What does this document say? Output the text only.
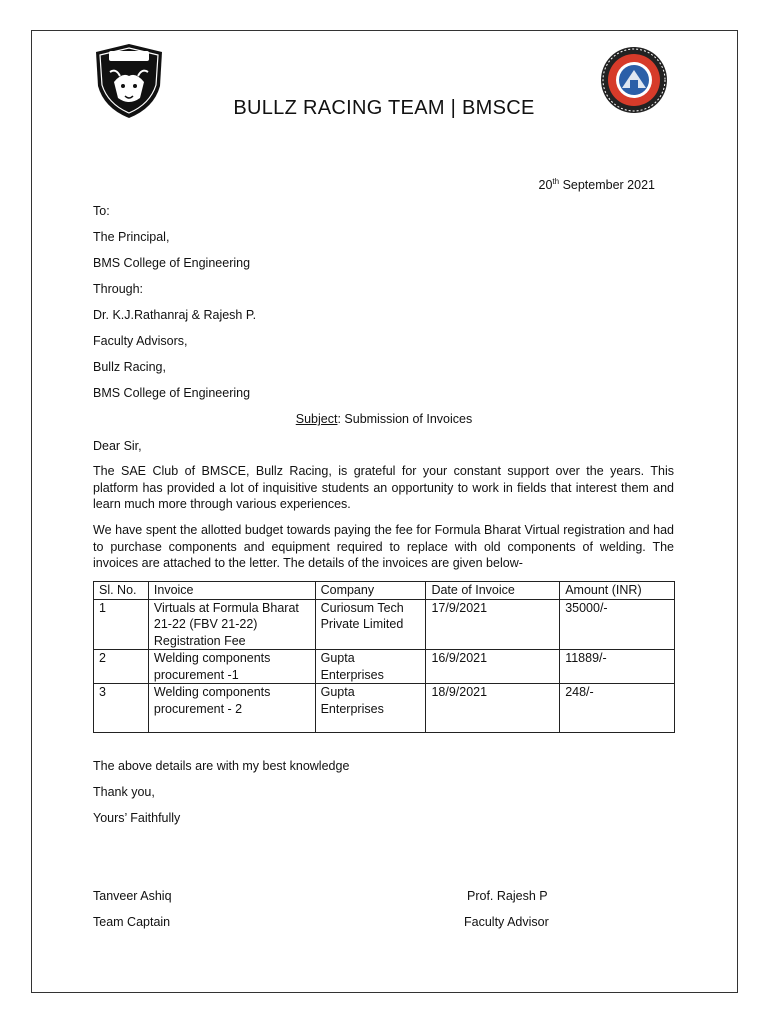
BULLZ RACING TEAM | BMSCE
20th September 2021
To:
The Principal,
BMS College of Engineering
Through:
Dr. K.J.Rathanraj & Rajesh P.
Faculty Advisors,
Bullz Racing,
BMS College of Engineering
Subject: Submission of Invoices
Dear Sir,
The SAE Club of BMSCE, Bullz Racing, is grateful for your constant support over the years. This platform has provided a lot of inquisitive students an opportunity to work in fields that interest them and learn much more through various experiences.
We have spent the allotted budget towards paying the fee for Formula Bharat Virtual registration and had to purchase components and equipment required to replace with old components of welding. The invoices are attached to the letter. The details of the invoices are given below-
Sl. No.	Invoice	Company	Date of Invoice	Amount (INR)
1	Virtuals at Formula Bharat 21-22 (FBV 21-22) Registration Fee	Curiosum Tech Private Limited	17/9/2021	35000/-
2	Welding components procurement -1	Gupta Enterprises	16/9/2021	11889/-
3	Welding components procurement - 2	Gupta Enterprises	18/9/2021	248/-
The above details are with my best knowledge
Thank you,
Yours’ Faithfully
Tanveer Ashiq
Team Captain
Prof. Rajesh P
Faculty Advisor
